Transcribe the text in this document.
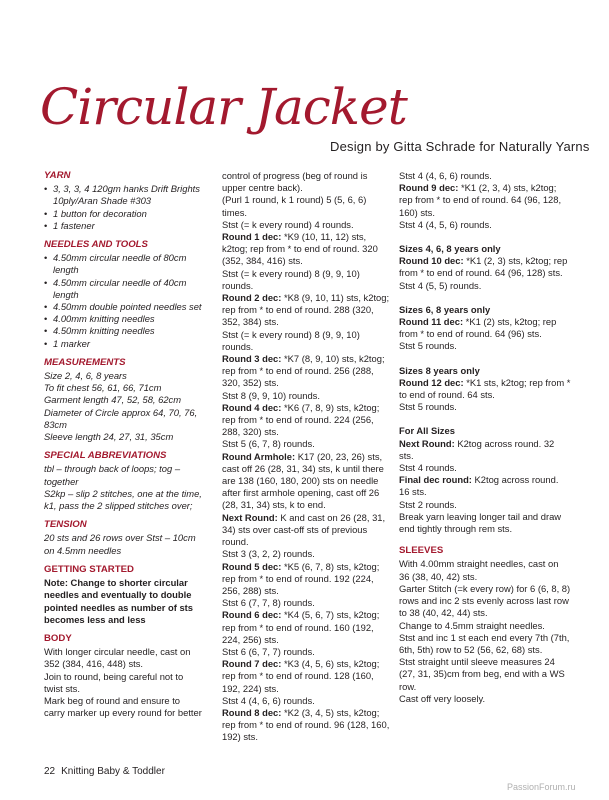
Circular Jacket
Design by Gitta Schrade for Naturally Yarns
YARN
• 3, 3, 3, 4 120gm hanks Drift Brights 10ply/Aran Shade #303
• 1 button for decoration
• 1 fastener
NEEDLES AND TOOLS
• 4.50mm circular needle of 80cm length
• 4.50mm circular needle of 40cm length
• 4.50mm double pointed needles set
• 4.00mm knitting needles
• 4.50mm knitting needles
• 1 marker
MEASUREMENTS

Size 2, 4, 6, 8 years

To fit chest 56, 61, 66, 71cm

Garment length 47, 52, 58, 62cm

Diameter of Circle approx 64, 70, 76, 83cm

Sleeve length 24, 27, 31, 35cm

SPECIAL ABBREVIATIONS

tbl – through back of loops; tog – together

S2kp – slip 2 stitches, one at the time, k1, pass the 2 slipped stitches over;

TENSION

20 sts and 26 rows over Stst – 10cm on 4.5mm needles

GETTING STARTED

Note: Change to shorter circular needles and eventually to double pointed needles as number of sts becomes less and less

BODY

With longer circular needle, cast on 352 (384, 416, 448) sts.

Join to round, being careful not to twist sts.

Mark beg of round and ensure to carry marker up every round for better

control of progress (beg of round is upper centre back).

(Purl 1 round, k 1 round) 5 (5, 6, 6) times.

Stst (= k every round) 4 rounds.

Round 1 dec: *K9 (10, 11, 12) sts, k2tog; rep from * to end of round. 320 (352, 384, 416) sts.

Stst (= k every round) 8 (9, 9, 10) rounds.

Round 2 dec: *K8 (9, 10, 11) sts, k2tog; rep from * to end of round. 288 (320, 352, 384) sts.

Stst (= k every round) 8 (9, 9, 10) rounds.

Round 3 dec: *K7 (8, 9, 10) sts, k2tog; rep from * to end of round. 256 (288, 320, 352) sts.

Stst 8 (9, 9, 10) rounds.

Round 4 dec: *K6 (7, 8, 9) sts, k2tog; rep from * to end of round. 224 (256, 288, 320) sts.

Stst 5 (6, 7, 8) rounds.

Round Armhole: K17 (20, 23, 26) sts, cast off 26 (28, 31, 34) sts, k until there are 138 (160, 180, 200) sts on needle after first armhole opening, cast off 26 (28, 31, 34) sts, k to end.

Next Round: K and cast on 26 (28, 31, 34) sts over cast-off sts of previous round.

Stst 3 (3, 2, 2) rounds.

Round 5 dec: *K5 (6, 7, 8) sts, k2tog; rep from * to end of round. 192 (224, 256, 288) sts.

Stst 6 (7, 7, 8) rounds.

Round 6 dec: *K4 (5, 6, 7) sts, k2tog; rep from * to end of round. 160 (192, 224, 256) sts.

Stst 6 (6, 7, 7) rounds.

Round 7 dec: *K3 (4, 5, 6) sts, k2tog; rep from * to end of round. 128 (160, 192, 224) sts.

Stst 4 (4, 6, 6) rounds.

Round 8 dec: *K2 (3, 4, 5) sts, k2tog; rep from * to end of round. 96 (128, 160, 192) sts.

Stst 4 (4, 6, 6) rounds.

Round 9 dec: *K1 (2, 3, 4) sts, k2tog; rep from * to end of round. 64 (96, 128, 160) sts.

Stst 4 (4, 5, 6) rounds.

Sizes 4, 6, 8 years only

Round 10 dec: *K1 (2, 3) sts, k2tog; rep from * to end of round. 64 (96, 128) sts.

Stst 4 (5, 5) rounds.

Sizes 6, 8 years only

Round 11 dec: *K1 (2) sts, k2tog; rep from * to end of round. 64 (96) sts.

Stst 5 rounds.

Sizes 8 years only

Round 12 dec: *K1 sts, k2tog; rep from * to end of round. 64 sts.

Stst 5 rounds.

For All Sizes

Next Round: K2tog across round. 32 sts.

Stst 4 rounds.

Final dec round: K2tog across round. 16 sts.

Stst 2 rounds.

Break yarn leaving longer tail and draw end tightly through rem sts.

SLEEVES

With 4.00mm straight needles, cast on 36 (38, 40, 42) sts.

Garter Stitch (=k every row) for 6 (6, 8, 8) rows and inc 2 sts evenly across last row to 38 (40, 42, 44) sts.

Change to 4.5mm straight needles.

Stst and inc 1 st each end every 7th (7th, 6th, 5th) row to 52 (56, 62, 68) sts.

Stst straight until sleeve measures 24 (27, 31, 35)cm from beg, end with a WS row.

Cast off very loosely.

22 Knitting Baby & Toddler
PassionForum.ru
